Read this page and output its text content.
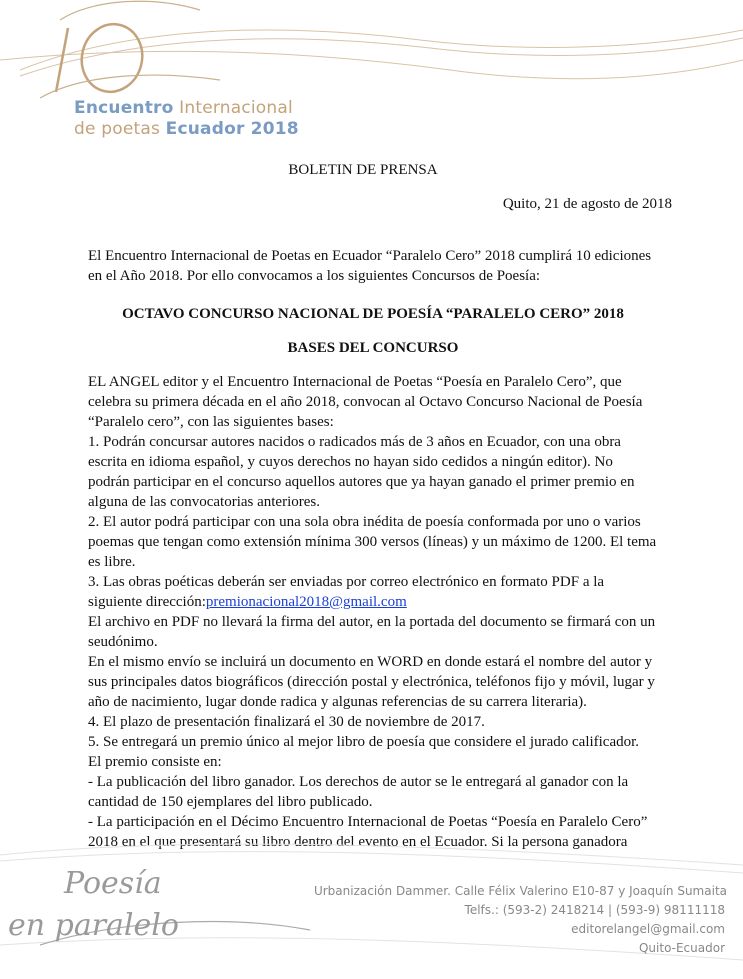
Encuentro Internacional
de poetas Ecuador 2018

BOLETIN DE PRENSA

Quito, 21 de agosto de 2018

El Encuentro Internacional de Poetas en Ecuador “Paralelo Cero” 2018 cumplirá 10 ediciones en el Año 2018. Por ello convocamos a los siguientes Concursos de Poesía:

OCTAVO CONCURSO NACIONAL DE POESÍA “PARALELO CERO” 2018

BASES DEL CONCURSO

EL ANGEL editor y el Encuentro Internacional de Poetas “Poesía en Paralelo Cero”, que celebra su primera década en el año 2018, convocan al Octavo Concurso Nacional de Poesía “Paralelo cero”, con las siguientes bases:

1. Podrán concursar autores nacidos o radicados más de 3 años en Ecuador, con una obra escrita en idioma español, y cuyos derechos no hayan sido cedidos a ningún editor). No podrán participar en el concurso aquellos autores que ya hayan ganado el primer premio en alguna de las convocatorias anteriores.

2. El autor podrá participar con una sola obra inédita de poesía conformada por uno o varios poemas que tengan como extensión mínima 300 versos (líneas) y un máximo de 1200. El tema es libre.

3. Las obras poéticas deberán ser enviadas por correo electrónico en formato PDF a la siguiente dirección:premionacional2018@gmail.com

El archivo en PDF no llevará la firma del autor, en la portada del documento se firmará con un seudónimo.

En el mismo envío se incluirá un documento en WORD en donde estará el nombre del autor y sus principales datos biográficos (dirección postal y electrónica, teléfonos fijo y móvil, lugar y año de nacimiento, lugar donde radica y algunas referencias de su carrera literaria).

4. El plazo de presentación finalizará el 30 de noviembre de 2017.

5. Se entregará un premio único al mejor libro de poesía que considere el jurado calificador.

El premio consiste en:

- La publicación del libro ganador. Los derechos de autor se le entregará al ganador con la cantidad de 150 ejemplares del libro publicado.

- La participación en el Décimo Encuentro Internacional de Poetas “Poesía en Paralelo Cero” 2018 en el que presentará su libro dentro del evento en el Ecuador. Si la persona ganadora

Poesía
en paralelo
Urbanización Dammer. Calle Félix Valerino E10-87 y Joaquín Sumaita
Telfs.: (593-2) 2418214 | (593-9) 98111118
editorelangel@gmail.com
Quito-Ecuador
